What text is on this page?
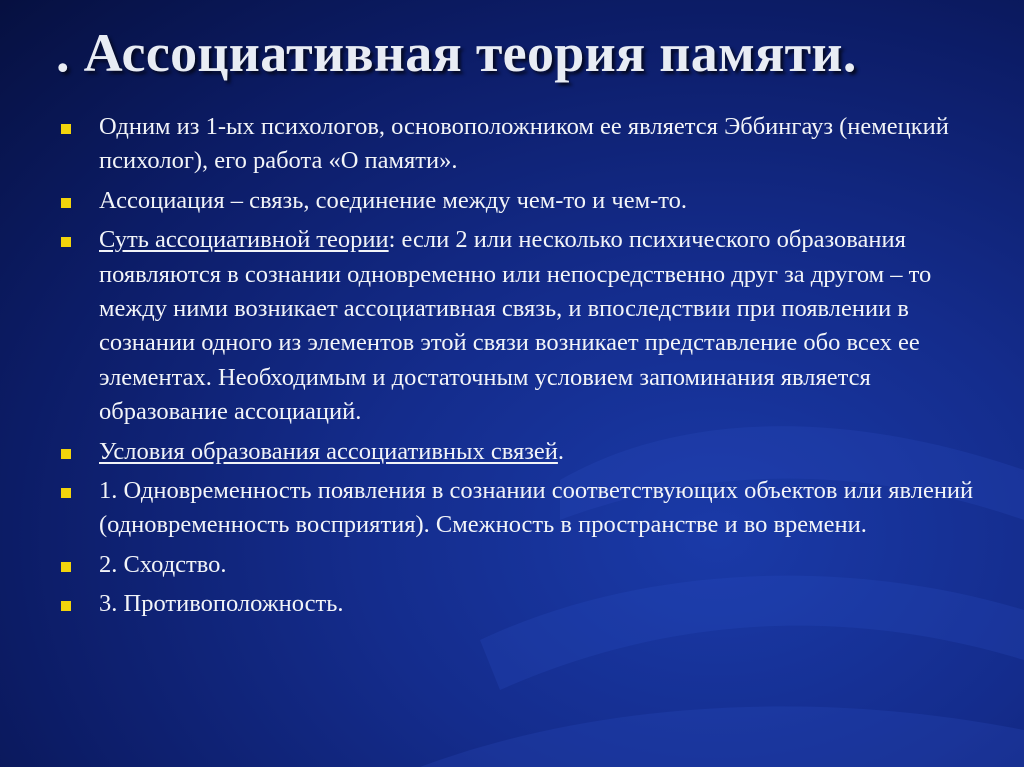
. Ассоциативная теория памяти.
Одним из 1-ых психологов, основоположником ее является Эббингауз (немецкий психолог), его работа «О памяти».
Ассоциация – связь, соединение между чем-то и чем-то.
Суть ассоциативной теории: если 2 или несколько психического образования появляются в сознании одновременно или непосредственно друг за другом – то между ними возникает ассоциативная связь, и впоследствии при появлении в сознании одного из элементов этой связи возникает представление обо всех ее элементах. Необходимым и достаточным условием запоминания является образование ассоциаций.
Условия образования ассоциативных связей.
1. Одновременность появления в сознании соответствующих объектов или явлений (одновременность восприятия). Смежность в пространстве и во времени.
2. Сходство.
3. Противоположность.
